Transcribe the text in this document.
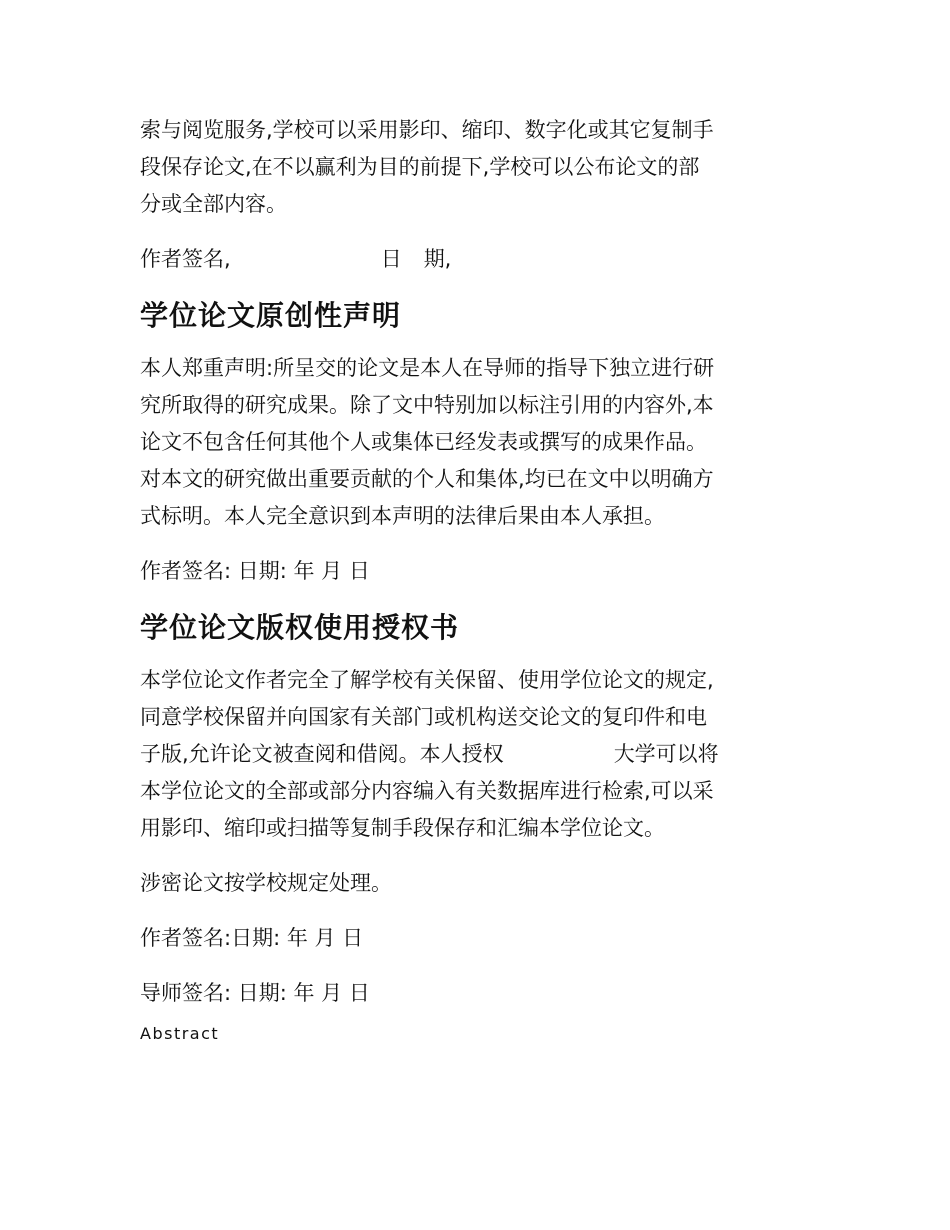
索与阅览服务,学校可以采用影印、缩印、数字化或其它复制手
段保存论文,在不以赢利为目的前提下,学校可以公布论文的部
分或全部内容。
作者签名,	日 期,
学位论文原创性声明
本人郑重声明:所呈交的论文是本人在导师的指导下独立进行研
究所取得的研究成果。除了文中特别加以标注引用的内容外,本
论文不包含任何其他个人或集体已经发表或撰写的成果作品。
对本文的研究做出重要贡献的个人和集体,均已在文中以明确方
式标明。本人完全意识到本声明的法律后果由本人承担。
作者签名: 日期: 年 月 日
学位论文版权使用授权书
本学位论文作者完全了解学校有关保留、使用学位论文的规定,
同意学校保留并向国家有关部门或机构送交论文的复印件和电
子版,允许论文被查阅和借阅。本人授权	大学可以将
本学位论文的全部或部分内容编入有关数据库进行检索,可以采
用影印、缩印或扫描等复制手段保存和汇编本学位论文。
涉密论文按学校规定处理。
作者签名:日期: 年 月 日
导师签名: 日期: 年 月 日
Abstract
